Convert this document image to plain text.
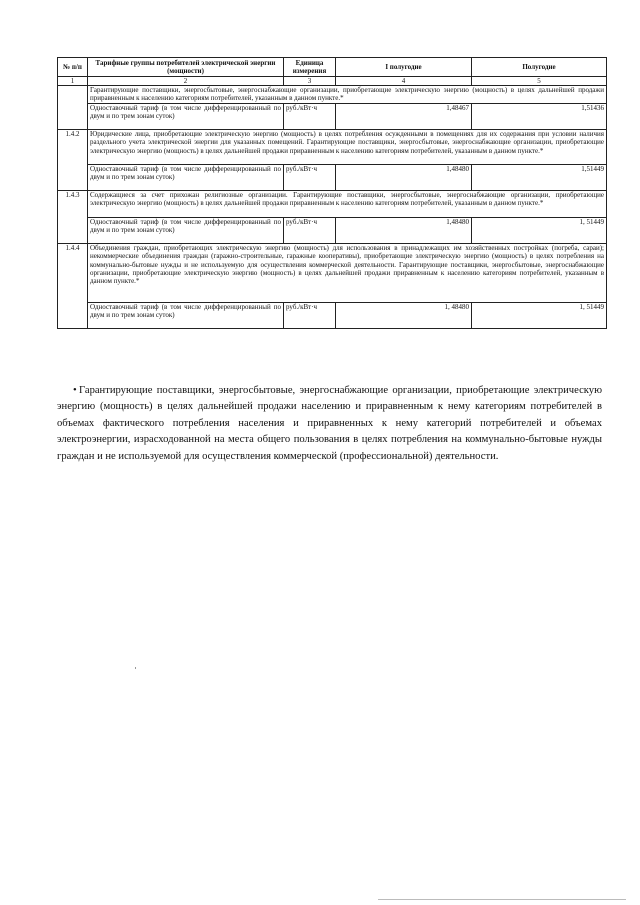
№ п/п	Тарифные группы потребителей электрической энергии (мощности)	Единица измерения	I полугодие	Полугодие
1	2	3	4	5
	Гарантирующие поставщики, энергосбытовые, энергоснабжающие организации, приобретающие электрическую энергию (мощность) в целях дальнейшей продажи приравненным к населению категориям потребителей, указанным в данном пункте.*			
	Одноставочный тариф (в том числе дифференцированный по двум и по трем зонам суток)	руб./кВт·ч	1,48467	1,51436
1.4.2	Юридические лица, приобретающие электрическую энергию (мощность) в целях потребления осужденными в помещениях для их содержания при условии наличия раздельного учета электрической энергии для указанных помещений. Гарантирующие поставщики, энергосбытовые, энергоснабжающие организации, приобретающие электрическую энергию (мощность) в целях дальнейшей продажи приравненным к населению категориям потребителей, указанным в данном пункте.*			
	Одноставочный тариф (в том числе дифференцированный по двум и по трем зонам суток)	руб./кВт·ч	1,48480	1,51449
1.4.3	Содержащиеся за счет прихожан религиозные организации. Гарантирующие поставщики, энергосбытовые, энергоснабжающие организации, приобретающие электрическую энергию (мощность) в целях дальнейшей продажи приравненным к населению категориям потребителей, указанным в данном пункте.*			
	Одноставочный тариф (в том числе дифференцированный по двум и по трем зонам суток)	руб./кВт·ч	1,48480	1, 51449
1.4.4	Объединения граждан, приобретающих электрическую энергию (мощность) для использования в принадлежащих им хозяйственных постройках (погреба, сараи); некоммерческие объединения граждан (гаражно-строительные, гаражные кооперативы), приобретающие электрическую энергию (мощность) в целях потребления на коммунально-бытовые нужды и не используемую для осуществления коммерческой деятельности. Гарантирующие поставщики, энергосбытовые, энергоснабжающие организации, приобретающие электрическую энергию (мощность) в целях дальнейшей продажи приравненным к населению категориям потребителей, указанным в данном пункте.*			
	Одноставочный тариф (в том числе дифференцированный по двум и по трем зонам суток)	руб./кВт·ч	1, 48480	1, 51449
• Гарантирующие поставщики, энергосбытовые, энергоснабжающие организации, приобретающие электрическую энергию (мощность) в целях дальнейшей продажи населению и приравненным к нему категориям потребителей в объемах фактического потребления населения и приравненных к нему категорий потребителей и объемах электроэнергии, израсходованной на места общего пользования в целях потребления на коммунально-бытовые нужды граждан и не используемой для осуществления коммерческой (профессиональной) деятельности.
